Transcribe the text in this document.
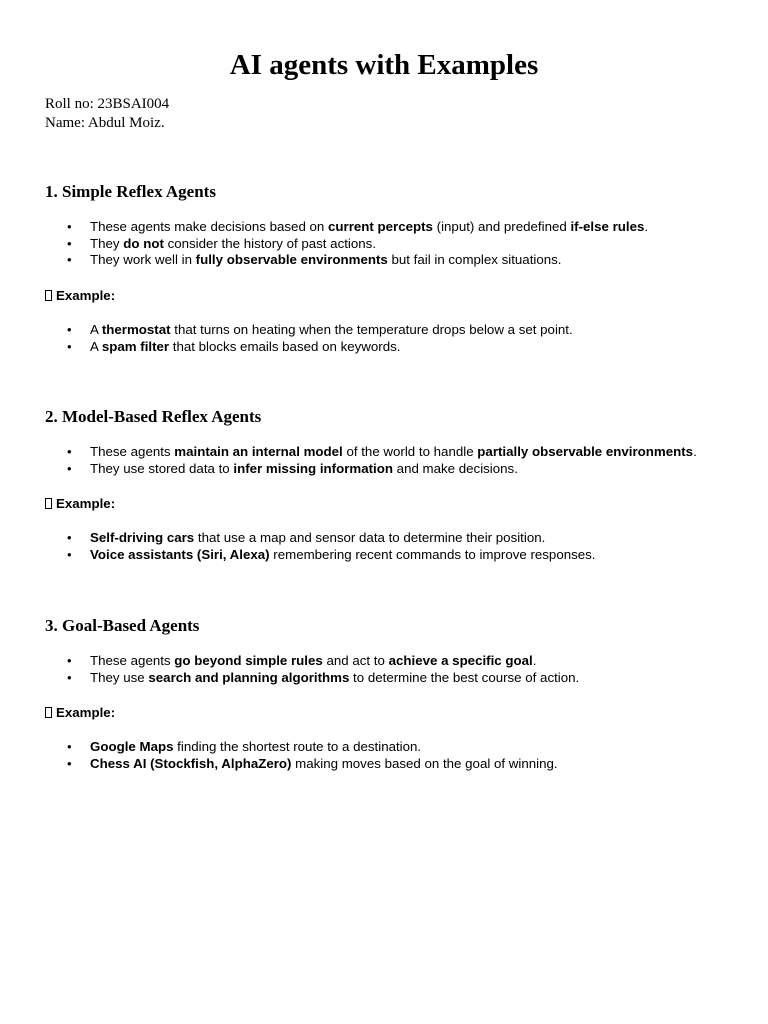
AI agents with Examples
Roll no: 23BSAI004
Name: Abdul Moiz.
1. Simple Reflex Agents
• These agents make decisions based on current percepts (input) and predefined if-else rules.
• They do not consider the history of past actions.
• They work well in fully observable environments but fail in complex situations.
Example:
• A thermostat that turns on heating when the temperature drops below a set point.
• A spam filter that blocks emails based on keywords.
2. Model-Based Reflex Agents
• These agents maintain an internal model of the world to handle partially observable environments.
• They use stored data to infer missing information and make decisions.
Example:
• Self-driving cars that use a map and sensor data to determine their position.
• Voice assistants (Siri, Alexa) remembering recent commands to improve responses.
3. Goal-Based Agents
• These agents go beyond simple rules and act to achieve a specific goal.
• They use search and planning algorithms to determine the best course of action.
Example:
• Google Maps finding the shortest route to a destination.
• Chess AI (Stockfish, AlphaZero) making moves based on the goal of winning.
